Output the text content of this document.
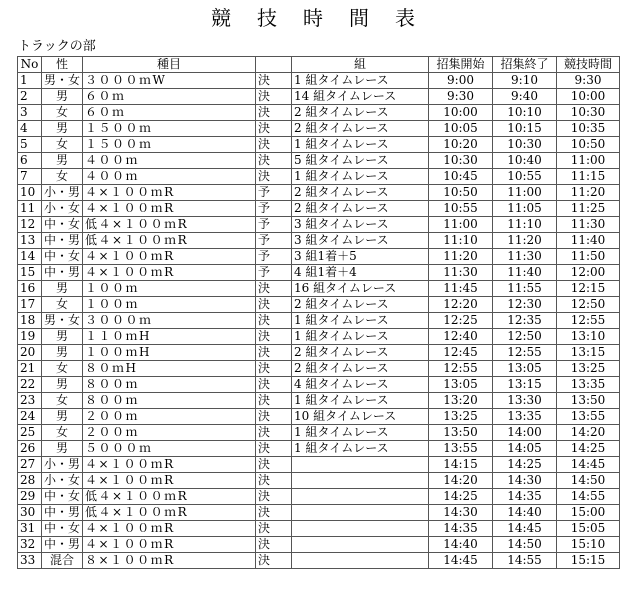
競技時間表
トラックの部
No	性	種目		組	招集開始	招集終了	競技時間
1	男・女	３０００ｍW	決	1 組タイムレース	9:00	9:10	9:30
2	男	６０ｍ	決	14 組タイムレース	9:30	9:40	10:00
3	女	６０ｍ	決	2 組タイムレース	10:00	10:10	10:30
4	男	１５００ｍ	決	2 組タイムレース	10:05	10:15	10:35
5	女	１５００ｍ	決	1 組タイムレース	10:20	10:30	10:50
6	男	４００ｍ	決	5 組タイムレース	10:30	10:40	11:00
7	女	４００ｍ	決	1 組タイムレース	10:45	10:55	11:15
10	小・男	４×１００ｍR	予	2 組タイムレース	10:50	11:00	11:20
11	小・女	４×１００ｍR	予	2 組タイムレース	10:55	11:05	11:25
12	中・女	低４×１００ｍR	予	3 組タイムレース	11:00	11:10	11:30
13	中・男	低４×１００ｍR	予	3 組タイムレース	11:10	11:20	11:40
14	中・女	４×１００ｍR	予	3 組1着＋5	11:20	11:30	11:50
15	中・男	４×１００ｍR	予	4 組1着＋4	11:30	11:40	12:00
16	男	１００ｍ	決	16 組タイムレース	11:45	11:55	12:15
17	女	１００ｍ	決	2 組タイムレース	12:20	12:30	12:50
18	男・女	３０００ｍ	決	1 組タイムレース	12:25	12:35	12:55
19	男	１１０ｍH	決	1 組タイムレース	12:40	12:50	13:10
20	男	１００ｍH	決	2 組タイムレース	12:45	12:55	13:15
21	女	８０ｍH	決	2 組タイムレース	12:55	13:05	13:25
22	男	８００ｍ	決	4 組タイムレース	13:05	13:15	13:35
23	女	８００ｍ	決	1 組タイムレース	13:20	13:30	13:50
24	男	２００ｍ	決	10 組タイムレース	13:25	13:35	13:55
25	女	２００ｍ	決	1 組タイムレース	13:50	14:00	14:20
26	男	５０００ｍ	決	1 組タイムレース	13:55	14:05	14:25
27	小・男	４×１００ｍR	決		14:15	14:25	14:45
28	小・女	４×１００ｍR	決		14:20	14:30	14:50
29	中・女	低４×１００ｍR	決		14:25	14:35	14:55
30	中・男	低４×１００ｍR	決		14:30	14:40	15:00
31	中・女	４×１００ｍR	決		14:35	14:45	15:05
32	中・男	４×１００ｍR	決		14:40	14:50	15:10
33	混合	８×１００ｍR	決		14:45	14:55	15:15
